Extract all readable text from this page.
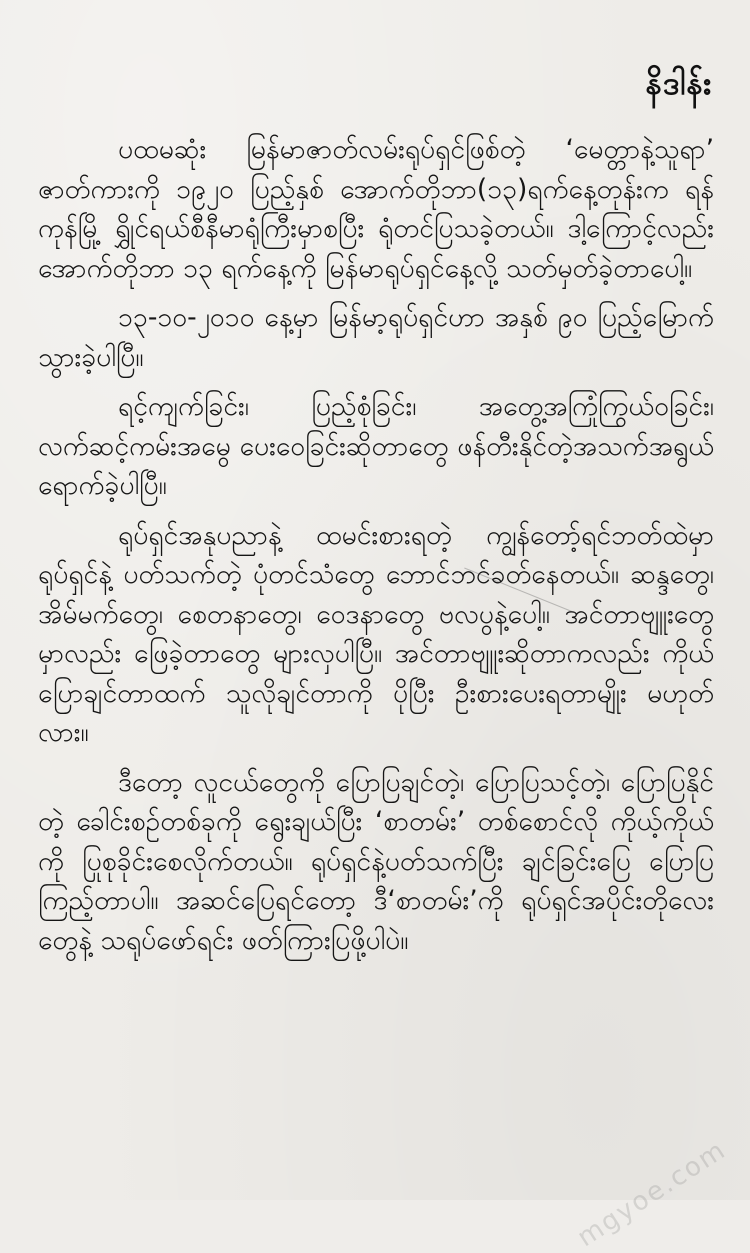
နိဒါန်း

ပထမဆုံး မြန်မာဇာတ်လမ်းရုပ်ရှင်ဖြစ်တဲ့ ‘မေတ္တာနဲ့သူရာ’ ဇာတ်ကားကို ၁၉၂၀ ပြည့်နှစ် အောက်တိုဘာ(၁၃)ရက်နေ့တုန်းက ရန်ကုန်မြို့ ရွှိုင်ရယ်စီနီမာရုံကြီးမှာစပြီး ရုံတင်ပြသခဲ့တယ်။ ဒါ့ကြောင့်လည်း အောက်တိုဘာ ၁၃ ရက်နေ့ကို မြန်မာရုပ်ရှင်နေ့လို့ သတ်မှတ်ခဲ့တာပေါ့။

၁၃-၁၀-၂၀၁၀ နေ့မှာ မြန်မာ့ရုပ်ရှင်ဟာ အနှစ် ၉၀ ပြည့်မြောက်သွားခဲ့ပါပြီ။

ရင့်ကျက်ခြင်း၊ ပြည့်စုံခြင်း၊ အတွေ့အကြုံကြွယ်ဝခြင်း၊ လက်ဆင့်ကမ်းအမွေ ပေးဝေခြင်းဆိုတာတွေ ဖန်တီးနိုင်တဲ့အသက်အရွယ် ရောက်ခဲ့ပါပြီ။

ရုပ်ရှင်အနုပညာနဲ့ ထမင်းစားရတဲ့ ကျွန်တော့်ရင်ဘတ်ထဲမှာ ရုပ်ရှင်နဲ့ ပတ်သက်တဲ့ ပုံတင်သံတွေ ဘောင်ဘင်ခတ်နေတယ်။ ဆန္ဒတွေ၊ အိမ်မက်တွေ၊ စေတနာတွေ၊ ဝေဒနာတွေ ဗလပွနဲ့ပေါ့။ အင်တာဗျူးတွေမှာလည်း ဖြေခဲ့တာတွေ များလှပါပြီ။ အင်တာဗျူးဆိုတာကလည်း ကိုယ်ပြောချင်တာထက် သူလိုချင်တာကို ပိုပြီး ဦးစားပေးရတာမျိုး မဟုတ်လား။

ဒီတော့ လူငယ်တွေကို ပြောပြချင်တဲ့၊ ပြောပြသင့်တဲ့၊ ပြောပြနိုင်တဲ့ ခေါင်းစဉ်တစ်ခုကို ရွေးချယ်ပြီး ‘စာတမ်း’ တစ်စောင်လို ကိုယ့်ကိုယ်ကို ပြုစုခိုင်းစေလိုက်တယ်။ ရုပ်ရှင်နဲ့ပတ်သက်ပြီး ချင်ခြင်းပြေ ပြောပြကြည့်တာပါ။ အဆင်ပြေရင်တော့ ဒီ‘စာတမ်း’ကို ရုပ်ရှင်အပိုင်းတိုလေးတွေနဲ့ သရုပ်ဖော်ရင်း ဖတ်ကြားပြဖို့ပါပဲ။

mgyoe.com
